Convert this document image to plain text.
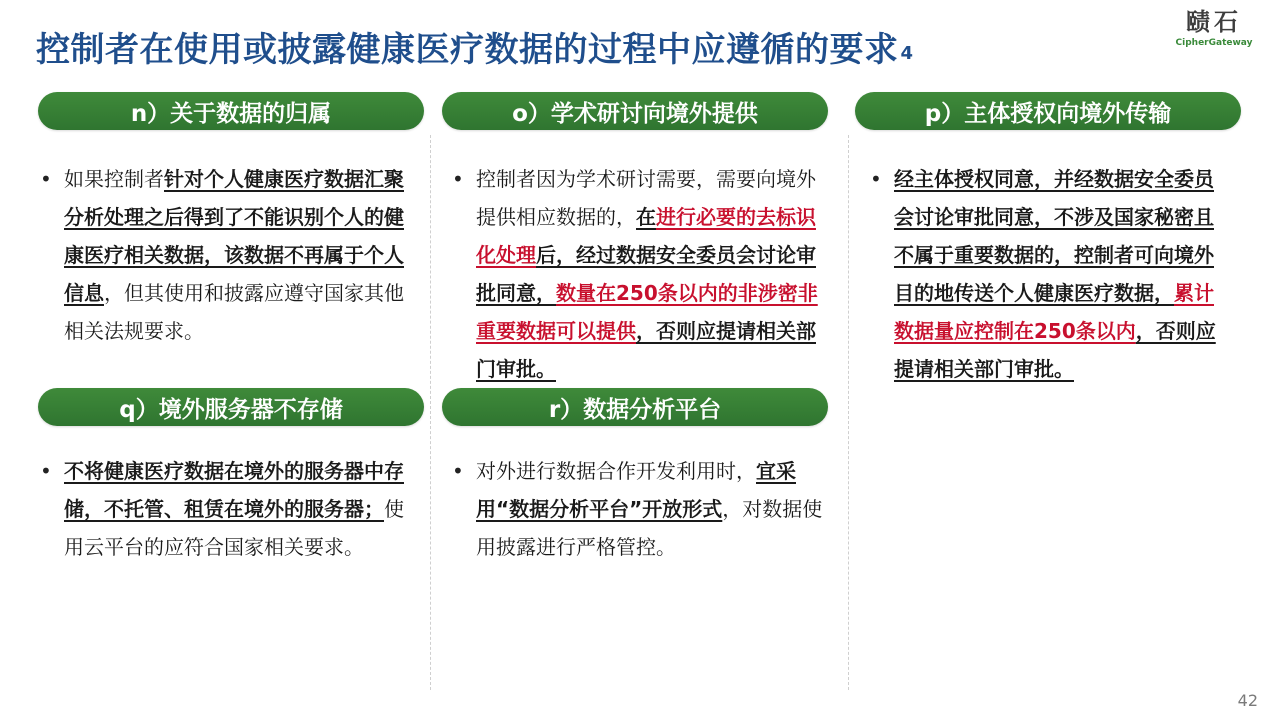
控制者在使用或披露健康医疗数据的过程中应遵循的要求 $^4$
赜石
CipherGateway
n）关于数据的归属	o）学术研讨向境外提供	p）主体授权向境外传输
q）境外服务器不存储	r）数据分析平台
• 如果控制者针对个人健康医疗数据汇聚分析处理之后得到了不能识别个人的健康医疗相关数据，该数据不再属于个人信息，但其使用和披露应遵守国家其他相关法规要求。
• 控制者因为学术研讨需要，需要向境外提供相应数据的，在进行必要的去标识化处理后，经过数据安全委员会讨论审批同意，数量在250条以内的非涉密非重要数据可以提供，否则应提请相关部门审批。
• 经主体授权同意，并经数据安全委员会讨论审批同意，不涉及国家秘密且不属于重要数据的，控制者可向境外目的地传送个人健康医疗数据，累计数据量应控制在250条以内，否则应提请相关部门审批。
• 不将健康医疗数据在境外的服务器中存储，不托管、租赁在境外的服务器；使用云平台的应符合国家相关要求。
• 对外进行数据合作开发利用时，宜采用“数据分析平台”开放形式，对数据使用披露进行严格管控。
42
